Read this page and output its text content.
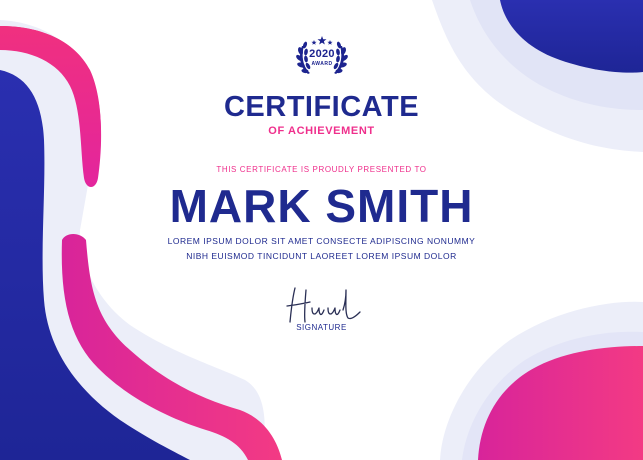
2020
AWARD
CERTIFICATE
OF ACHIEVEMENT
THIS CERTIFICATE IS PROUDLY PRESENTED TO
MARK SMITH
LOREM IPSUM DOLOR SIT AMET CONSECTE ADIPISCING NONUMMY
NIBH EUISMOD TINCIDUNT LAOREET LOREM IPSUM DOLOR
SIGNATURE
